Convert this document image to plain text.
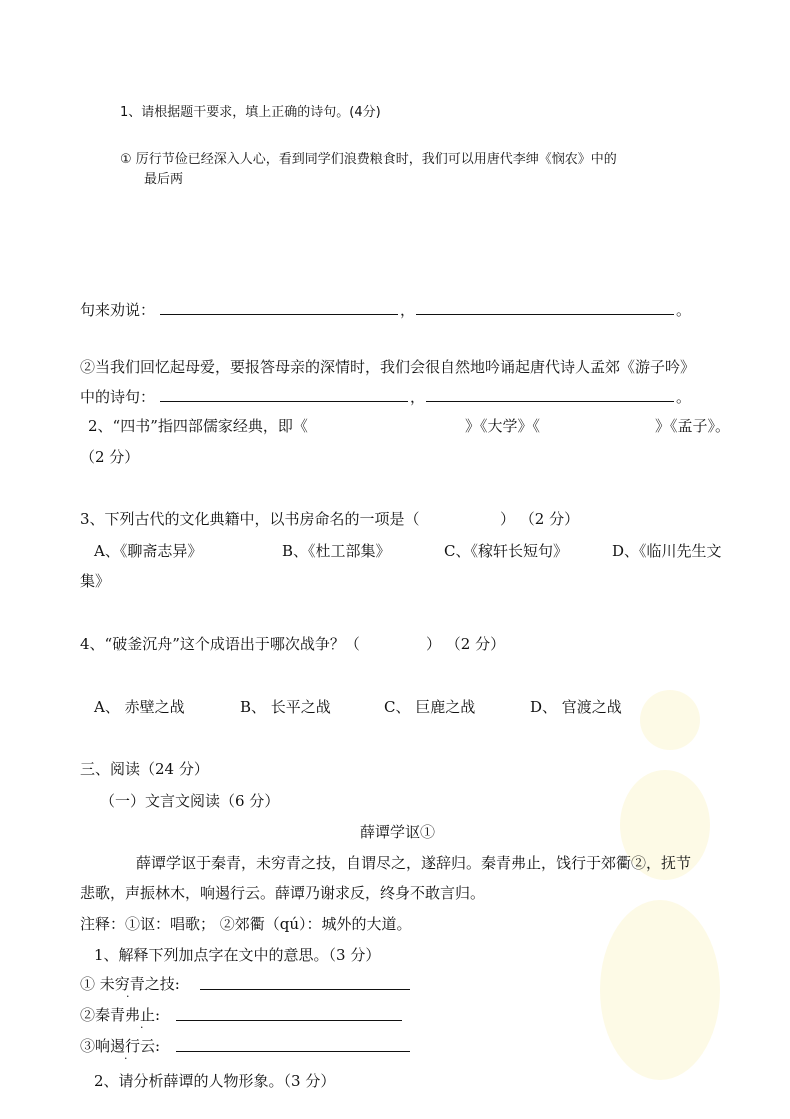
1、请根据题干要求，填上正确的诗句。(4分)
① 厉行节俭已经深入人心，看到同学们浪费粮食时，我们可以用唐代李绅《悯农》中的
最后两
句来劝说：	，	。
②当我们回忆起母爱，要报答母亲的深情时，我们会很自然地吟诵起唐代诗人孟郊《游子吟》
中的诗句：	，	。
2、“四书”指四部儒家经典，即《	》《大学》《	》《孟子》。
（2 分）
3、下列古代的文化典籍中，以书房命名的一项是（	） （2 分）
A、《聊斋志异》	B、《杜工部集》	C、《稼轩长短句》	D、《临川先生文
集》
4、“破釜沉舟”这个成语出于哪次战争？（	） （2 分）
A、 赤壁之战	B、 长平之战	C、 巨鹿之战	D、 官渡之战
三、阅读（24 分）
（一）文言文阅读（6 分）
薛谭学讴①
薛谭学讴于秦青，未穷青之技，自谓尽之，遂辞归。秦青弗止，饯行于郊衢②，抚节
悲歌，声振林木，响遏行云。薛谭乃谢求反，终身不敢言归。
注释：①讴：唱歌； ②郊衢（qú）：城外的大道。
1、解释下列加点字在文中的意思。（3 分）
① 未穷青之技:
·
②秦青弗止:
·
③响遏行云:
·
2、请分析薛谭的人物形象。（3 分）
